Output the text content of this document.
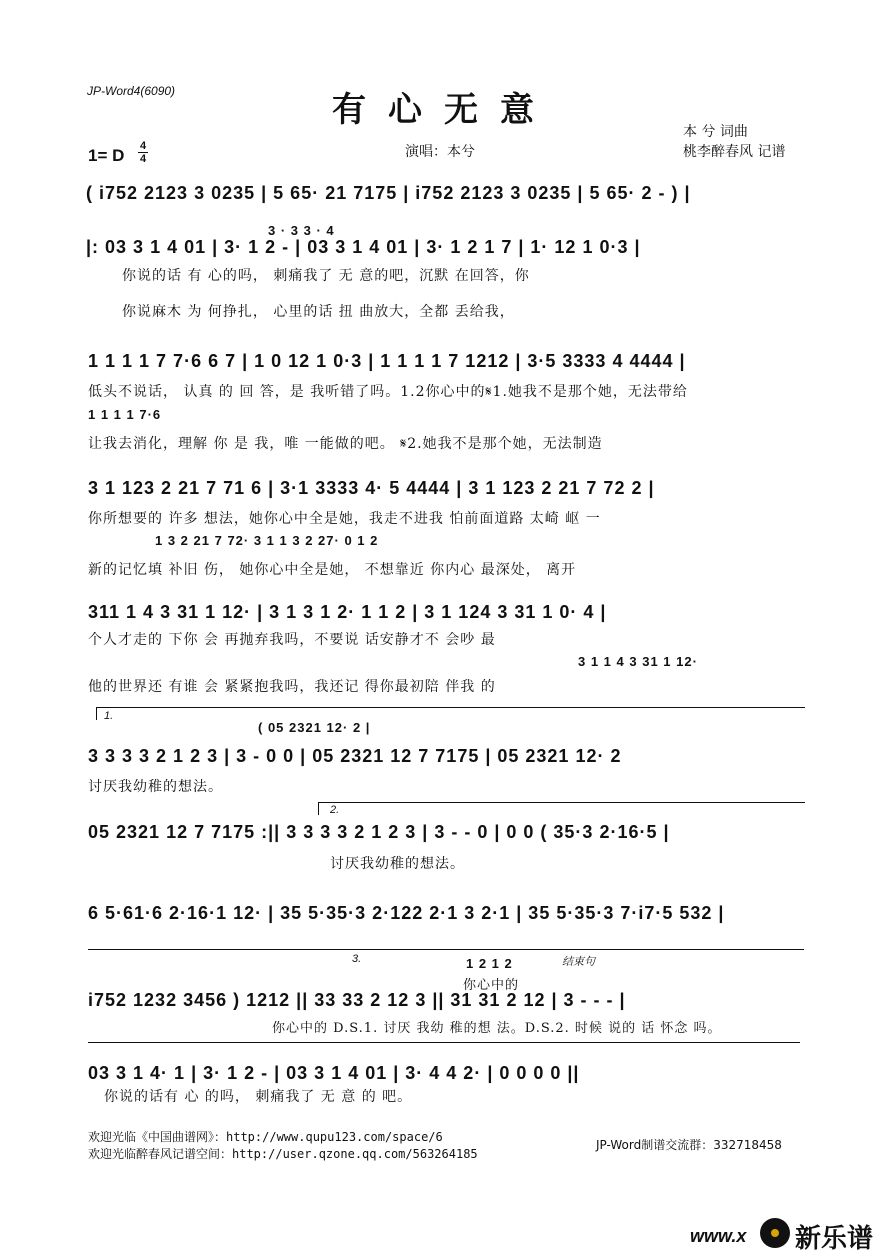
JP-Word4(6090)	有心无意
本 兮 词曲
桃李醉春风 记谱
1= D 4
4	演唱：本兮
( i752 2123 3 0235 | 5 65· 21 7175 | i752 2123 3 0235 | 5 65· 2 - ) |
3 · 3 3 · 4
|: 03 3 1 4 01 | 3· 1 2 - | 03 3 1 4 01 | 3· 1 2 1 7 | 1· 12 1 0·3 |
你说的话 有 心的吗， 刺痛我了 无 意的吧，沉默 在回答，你
你说麻木 为 何挣扎， 心里的话 扭 曲放大，全都 丢给我，
1 1 1 1 7 7·6 6 7 | 1 0 12 1 0·3 | 1 1 1 1 7 1212 | 3·5 3333 4 4444 |
低头不说话， 认真 的 回 答，是 我听错了吗。1.2你心中的𝄋1.她我不是那个她，无法带给
1 1 1 1 7·6
让我去消化，理解 你 是 我，唯 一能做的吧。 𝄋2.她我不是那个她，无法制造
3 1 123 2 21 7 71 6 | 3·1 3333 4· 5 4444 | 3 1 123 2 21 7 72 2 |
你所想要的 许多 想法，她你心中全是她，我走不进我 怕前面道路 太崎 岖 一
1 3 2 21 7 72· 3 1 1 3 2 27· 0 1 2
新的记忆填 补旧 伤， 她你心中全是她， 不想靠近 你内心 最深处， 离开
311 1 4 3 31 1 12· | 3 1 3 1 2· 1 1 2 | 3 1 124 3 31 1 0· 4 |
个人才走的 下你 会 再抛弃我吗，不要说 话安静才不 会吵 最
3 1 1 4 3 31 1 12·
他的世界还 有谁 会 紧紧抱我吗，我还记 得你最初陪 伴我 的
1.
( 05 2321 12· 2 |
3 3 3 3 2 1 2 3 | 3 - 0 0 | 05 2321 12 7 7175 | 05 2321 12· 2
讨厌我幼稚的想法。
2.
05 2321 12 7 7175 :|| 3 3 3 3 2 1 2 3 | 3 - - 0 | 0 0 ( 35·3 2·16·5 |
讨厌我幼稚的想法。
6 5·61·6 2·16·1 12· | 35 5·35·3 2·122 2·1 3 2·1 | 35 5·35·3 7·i7·5 532 |
3.	结束句
1 2 1 2
你心中的
i752 1232 3456 ) 1212 || 33 33 2 12 3 || 31 31 2 12 | 3 - - - |
你心中的 D.S.1. 讨厌 我幼 稚的想 法。D.S.2. 时候 说的 话 怀念 吗。
03 3 1 4· 1 | 3· 1 2 - | 03 3 1 4 01 | 3· 4 4 2· | 0 0 0 0 ||
你说的话有 心 的吗， 刺痛我了 无 意 的 吧。
欢迎光临《中国曲谱网》：http://www.qupu123.com/space/6
欢迎光临醉春风记谱空间：http://user.qzone.qq.com/563264185
JP-Word制谱交流群：332718458
www.x 新乐谱
